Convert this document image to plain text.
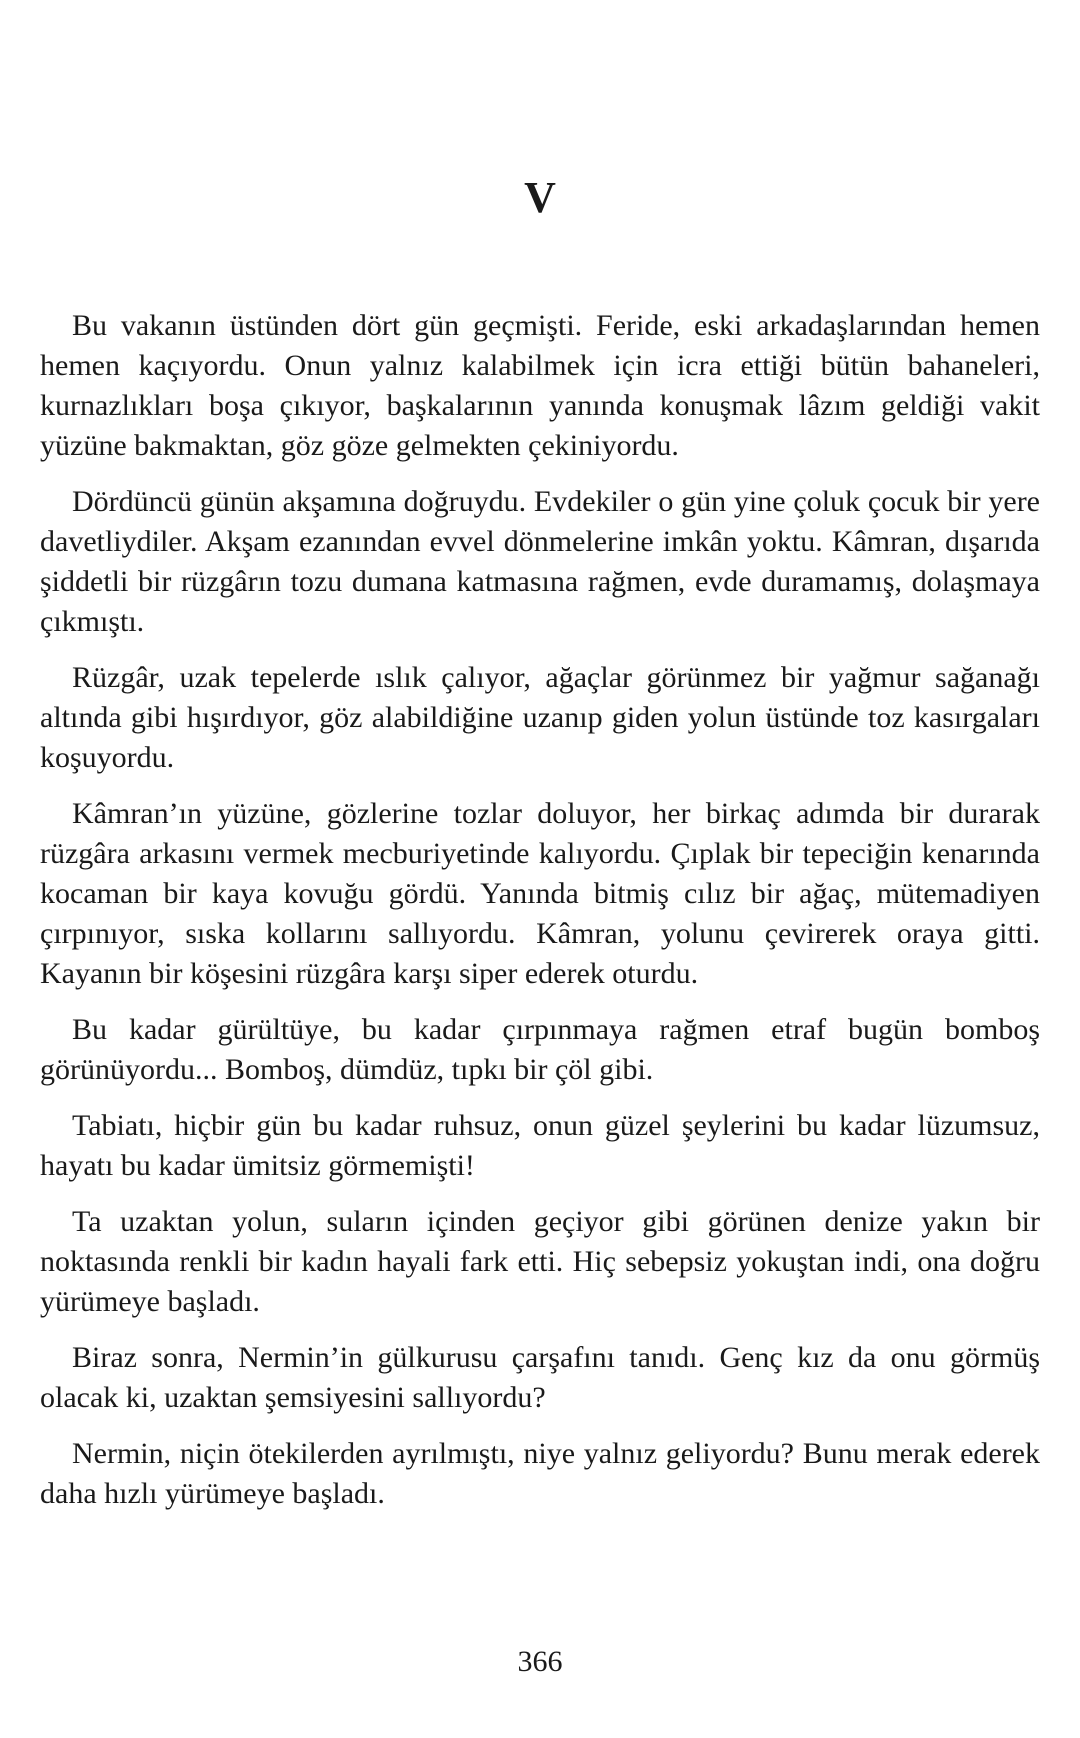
V

Bu vakanın üstünden dört gün geçmişti. Feride, eski arkadaşlarından hemen hemen kaçıyordu. Onun yalnız kalabilmek için icra ettiği bütün bahaneleri, kurnazlıkları boşa çıkıyor, başkalarının yanında konuşmak lâzım geldiği vakit yüzüne bakmaktan, göz göze gelmekten çekiniyordu.

Dördüncü günün akşamına doğruydu. Evdekiler o gün yine çoluk çocuk bir yere davetliydiler. Akşam ezanından evvel dönmelerine imkân yoktu. Kâmran, dışarıda şiddetli bir rüzgârın tozu dumana katmasına rağmen, evde duramamış, dolaşmaya çıkmıştı.

Rüzgâr, uzak tepelerde ıslık çalıyor, ağaçlar görünmez bir yağmur sağanağı altında gibi hışırdıyor, göz alabildiğine uzanıp giden yolun üstünde toz kasırgaları koşuyordu.

Kâmran’ın yüzüne, gözlerine tozlar doluyor, her birkaç adımda bir durarak rüzgâra arkasını vermek mecburiyetinde kalıyordu. Çıplak bir tepeciğin kenarında kocaman bir kaya kovuğu gördü. Yanında bitmiş cılız bir ağaç, mütemadiyen çırpınıyor, sıska kollarını sallıyordu. Kâmran, yolunu çevirerek oraya gitti. Kayanın bir köşesini rüzgâra karşı siper ederek oturdu.

Bu kadar gürültüye, bu kadar çırpınmaya rağmen etraf bugün bomboş görünüyordu... Bomboş, dümdüz, tıpkı bir çöl gibi.

Tabiatı, hiçbir gün bu kadar ruhsuz, onun güzel şeylerini bu kadar lüzumsuz, hayatı bu kadar ümitsiz görmemişti!

Ta uzaktan yolun, suların içinden geçiyor gibi görünen denize yakın bir noktasında renkli bir kadın hayali fark etti. Hiç sebepsiz yokuştan indi, ona doğru yürümeye başladı.

Biraz sonra, Nermin’in gülkurusu çarşafını tanıdı. Genç kız da onu görmüş olacak ki, uzaktan şemsiyesini sallıyordu?

Nermin, niçin ötekilerden ayrılmıştı, niye yalnız geliyordu? Bunu merak ederek daha hızlı yürümeye başladı.

366
